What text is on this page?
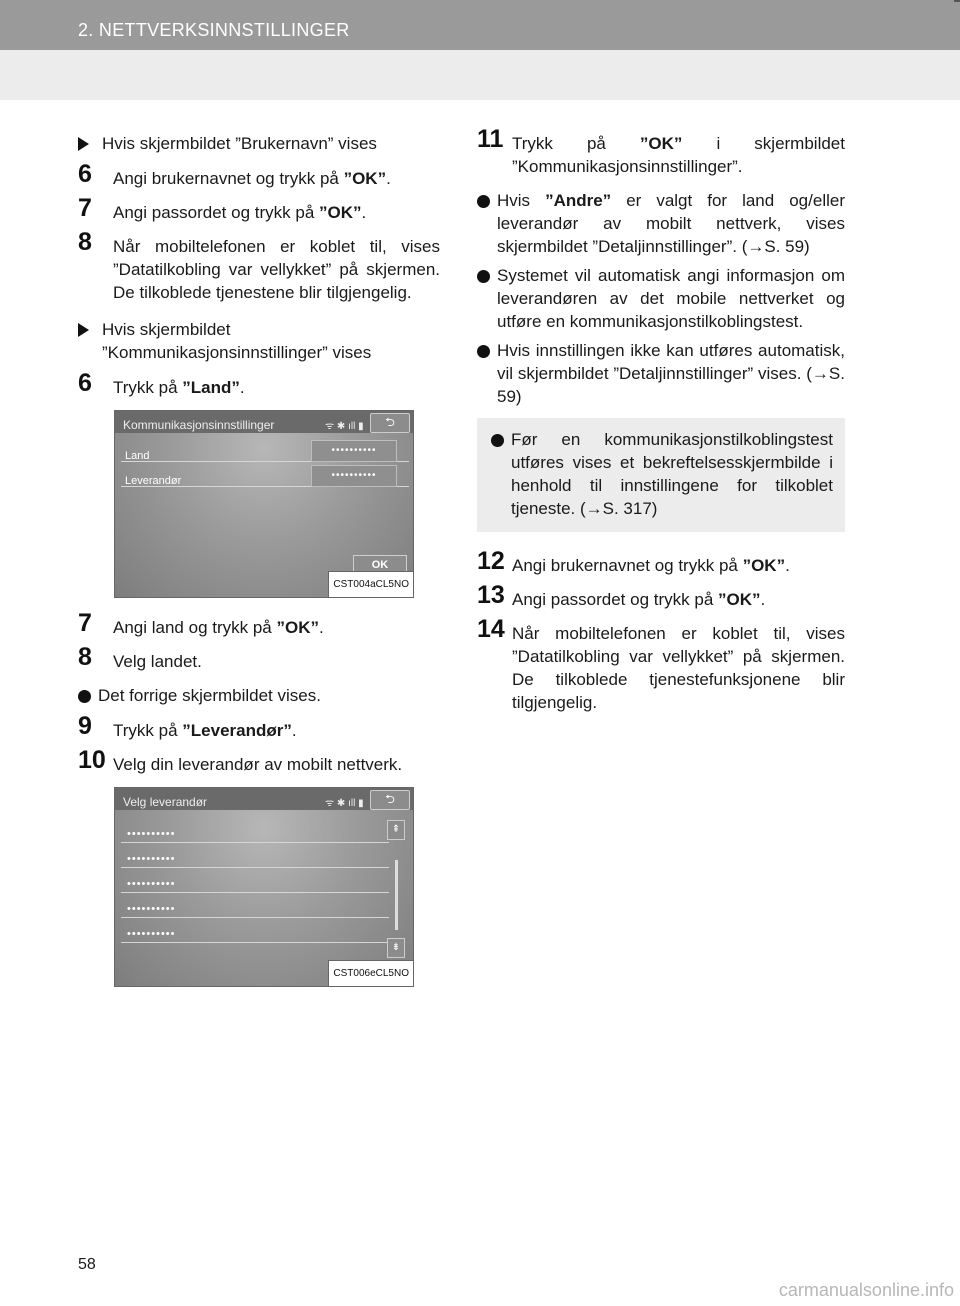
2. NETTVERKSINNSTILLINGER

Hvis skjermbildet ”Brukernavn” vises

6 Angi brukernavnet og trykk på ”OK”.

7 Angi passordet og trykk på ”OK”.

8 Når mobiltelefonen er koblet til, vises ”Datatilkobling var vellykket” på skjermen. De tilkoblede tjenestene blir tilgjengelig.

Hvis skjermbildet ”Kommunikasjonsinnstillinger” vises

6 Trykk på ”Land”.

Kommunikasjonsinnstillinger	ᯤ ✱ ıll ▮	⮌
Land	••••••••••
Leverandør	••••••••••
OK
CST004aCL5NO

7 Angi land og trykk på ”OK”.

8 Velg landet.

Det forrige skjermbildet vises.

9 Trykk på ”Leverandør”.

10 Velg din leverandør av mobilt nettverk.

Velg leverandør	ᯤ ✱ ıll ▮	⮌
••••••••••
••••••••••
••••••••••
••••••••••
••••••••••
⇞
⇟
CST006eCL5NO

11 Trykk på ”OK” i skjermbildet ”Kommunikasjonsinnstillinger”.

Hvis ”Andre” er valgt for land og/eller leverandør av mobilt nettverk, vises skjermbildet ”Detaljinnstillinger”. (→S. 59)

Systemet vil automatisk angi informasjon om leverandøren av det mobile nettverket og utføre en kommunikasjonstilkoblingstest.

Hvis innstillingen ikke kan utføres automatisk, vil skjermbildet ”Detaljinnstillinger” vises. (→S. 59)

Før en kommunikasjonstilkoblingstest utføres vises et bekreftelsesskjermbilde i henhold til innstillingene for tilkoblet tjeneste. (→S. 317)

12 Angi brukernavnet og trykk på ”OK”.

13 Angi passordet og trykk på ”OK”.

14 Når mobiltelefonen er koblet til, vises ”Datatilkobling var vellykket” på skjermen. De tilkoblede tjenestefunksjonene blir tilgjengelig.

58
carmanualsonline.info
